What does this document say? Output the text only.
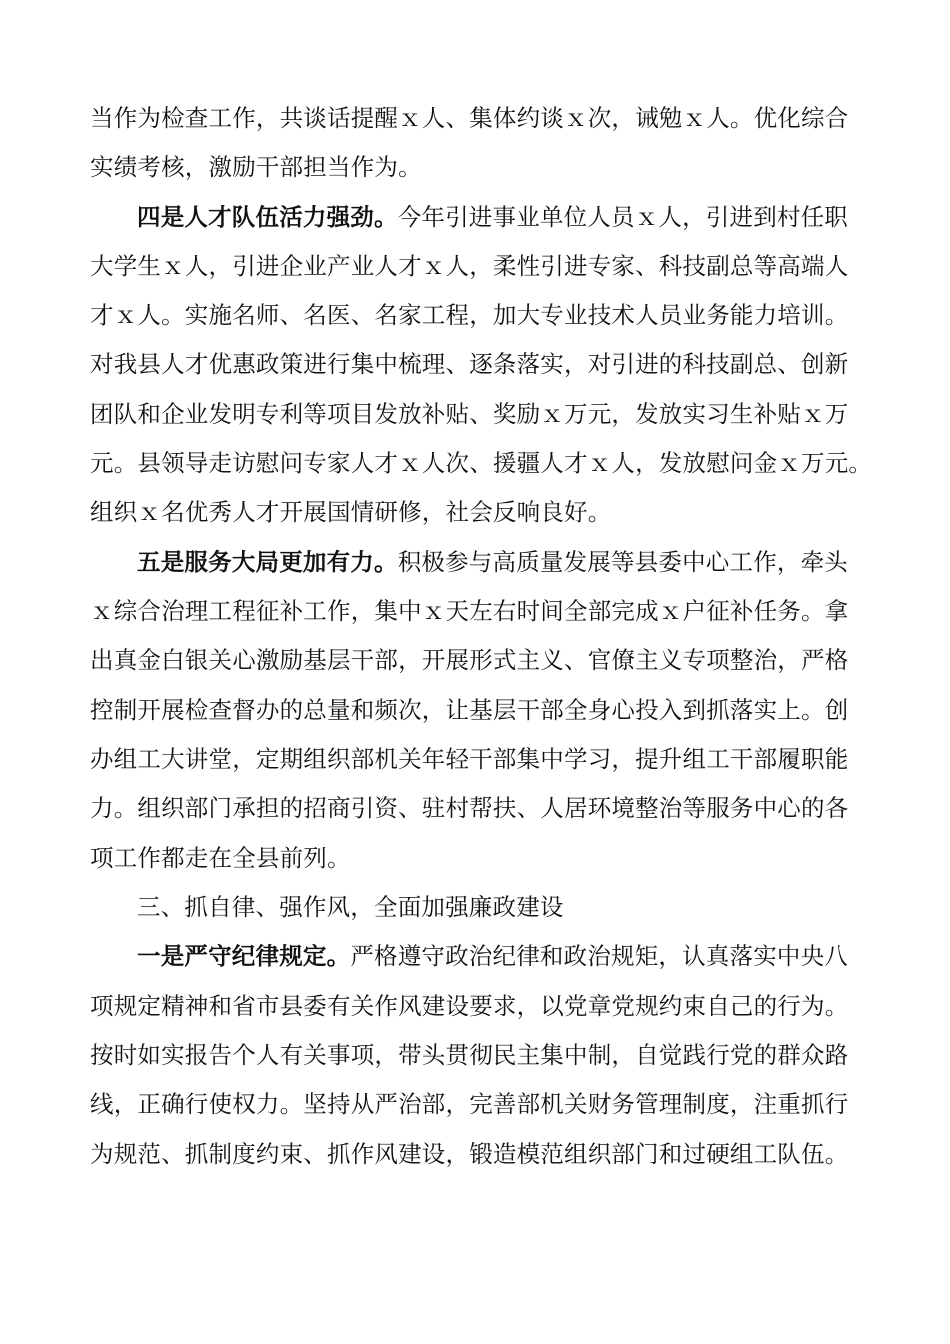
当作为检查工作，共谈话提醒ｘ人、集体约谈ｘ次，诫勉ｘ人。优化综合
实绩考核，激励干部担当作为。
四是人才队伍活力强劲。今年引进事业单位人员ｘ人，引进到村任职
大学生ｘ人，引进企业产业人才ｘ人，柔性引进专家、科技副总等高端人
才ｘ人。实施名师、名医、名家工程，加大专业技术人员业务能力培训。
对我县人才优惠政策进行集中梳理、逐条落实，对引进的科技副总、创新
团队和企业发明专利等项目发放补贴、奖励ｘ万元，发放实习生补贴ｘ万
元。县领导走访慰问专家人才ｘ人次、援疆人才ｘ人，发放慰问金ｘ万元。
组织ｘ名优秀人才开展国情研修，社会反响良好。
五是服务大局更加有力。积极参与高质量发展等县委中心工作，牵头
ｘ综合治理工程征补工作，集中ｘ天左右时间全部完成ｘ户征补任务。拿
出真金白银关心激励基层干部，开展形式主义、官僚主义专项整治，严格
控制开展检查督办的总量和频次，让基层干部全身心投入到抓落实上。创
办组工大讲堂，定期组织部机关年轻干部集中学习，提升组工干部履职能
力。组织部门承担的招商引资、驻村帮扶、人居环境整治等服务中心的各
项工作都走在全县前列。
三、抓自律、强作风，全面加强廉政建设
一是严守纪律规定。严格遵守政治纪律和政治规矩，认真落实中央八
项规定精神和省市县委有关作风建设要求，以党章党规约束自己的行为。
按时如实报告个人有关事项，带头贯彻民主集中制，自觉践行党的群众路
线，正确行使权力。坚持从严治部，完善部机关财务管理制度，注重抓行
为规范、抓制度约束、抓作风建设，锻造模范组织部门和过硬组工队伍。
